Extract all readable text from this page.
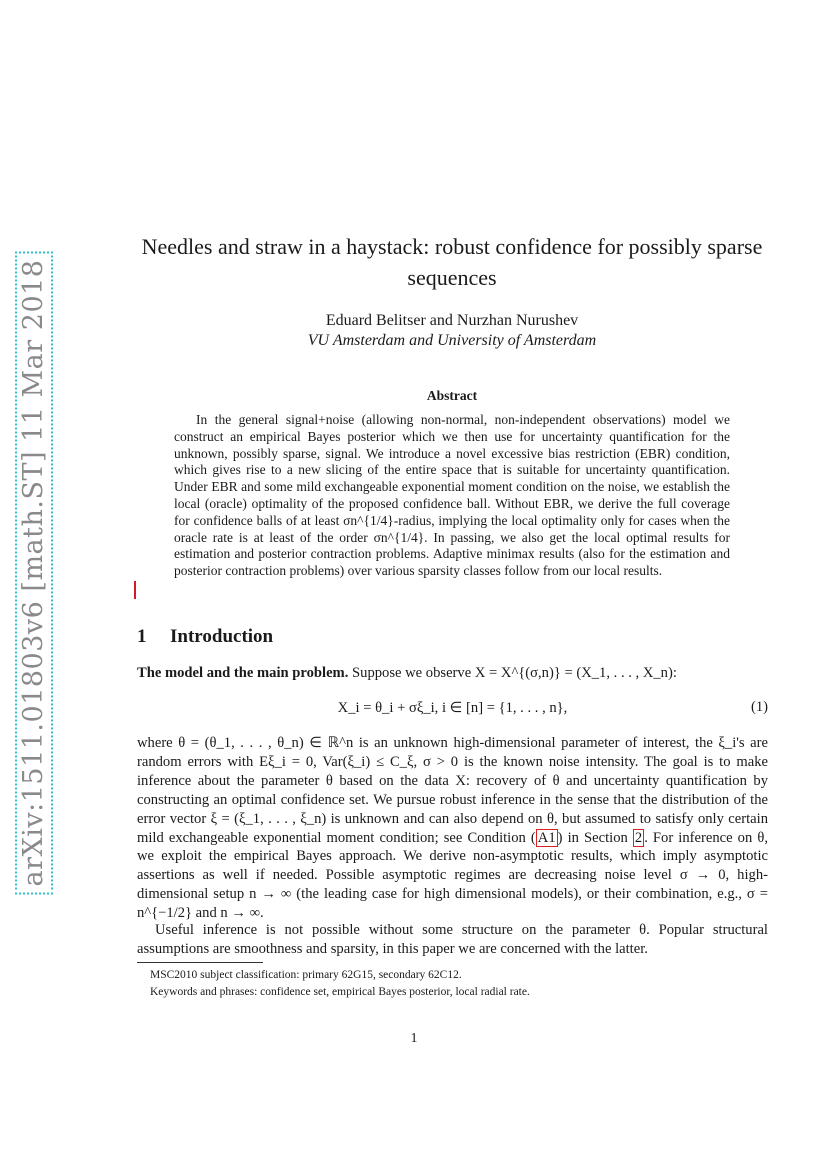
arXiv:1511.01803v6 [math.ST] 11 Mar 2018
Needles and straw in a haystack: robust confidence for possibly sparse sequences
Eduard Belitser and Nurzhan Nurushev
VU Amsterdam and University of Amsterdam
Abstract

In the general signal+noise (allowing non-normal, non-independent observations) model we construct an empirical Bayes posterior which we then use for uncertainty quantification for the unknown, possibly sparse, signal. We introduce a novel excessive bias restriction (EBR) condition, which gives rise to a new slicing of the entire space that is suitable for uncertainty quantification. Under EBR and some mild exchangeable exponential moment condition on the noise, we establish the local (oracle) optimality of the proposed confidence ball. Without EBR, we derive the full coverage for confidence balls of at least σn^{1/4}-radius, implying the local optimality only for cases when the oracle rate is at least of the order σn^{1/4}. In passing, we also get the local optimal results for estimation and posterior contraction problems. Adaptive minimax results (also for the estimation and posterior contraction problems) over various sparsity classes follow from our local results.

1 Introduction

The model and the main problem. Suppose we observe X = X^{(σ,n)} = (X_1, . . . , X_n):

X_i = θ_i + σξ_i, i ∈ [n] = {1, . . . , n},	(1)

where θ = (θ_1, . . . , θ_n) ∈ ℝ^n is an unknown high-dimensional parameter of interest, the ξ_i's are random errors with Eξ_i = 0, Var(ξ_i) ≤ C_ξ, σ > 0 is the known noise intensity. The goal is to make inference about the parameter θ based on the data X: recovery of θ and uncertainty quantification by constructing an optimal confidence set. We pursue robust inference in the sense that the distribution of the error vector ξ = (ξ_1, . . . , ξ_n) is unknown and can also depend on θ, but assumed to satisfy only certain mild exchangeable exponential moment condition; see Condition ( A1 ) in Section 2 . For inference on θ, we exploit the empirical Bayes approach. We derive non-asymptotic results, which imply asymptotic assertions as well if needed. Possible asymptotic regimes are decreasing noise level σ → 0, high-dimensional setup n → ∞ (the leading case for high dimensional models), or their combination, e.g., σ = n^{−1/2} and n → ∞.

Useful inference is not possible without some structure on the parameter θ. Popular structural assumptions are smoothness and sparsity, in this paper we are concerned with the latter.

MSC2010 subject classification: primary 62G15, secondary 62C12.
Keywords and phrases: confidence set, empirical Bayes posterior, local radial rate.
1
